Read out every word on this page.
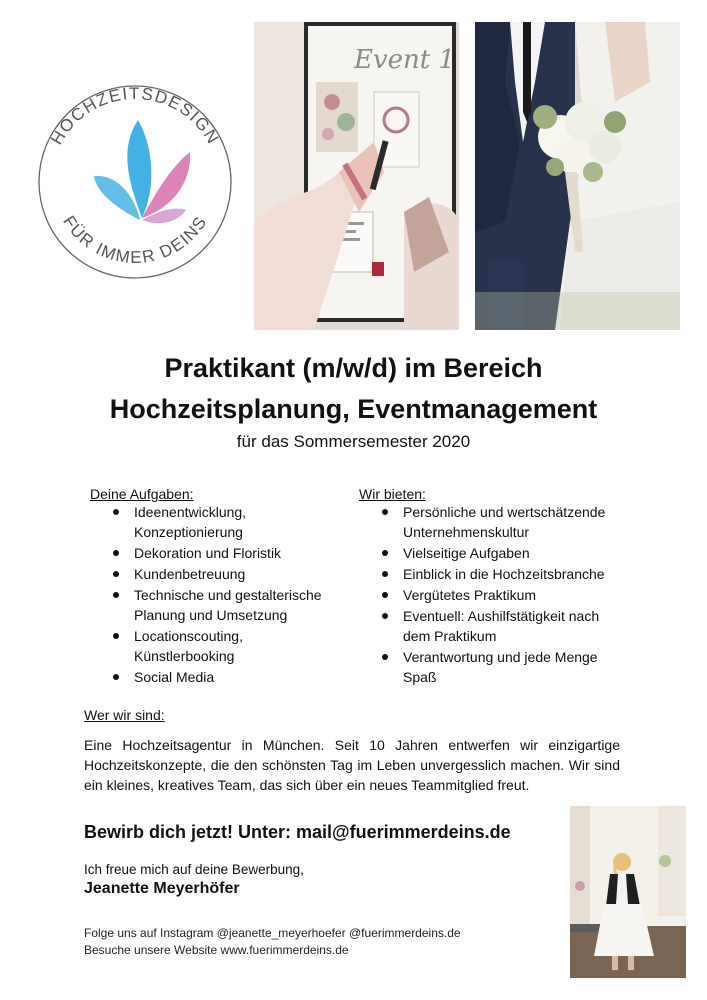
HOCHZEITSDESIGN
FÜR IMMER DEINS
Event 1
Praktikant (m/w/d) im Bereich
Hochzeitsplanung, Eventmanagement
für das Sommersemester 2020
Deine Aufgaben:
Ideenentwicklung, Konzeptionierung
Dekoration und Floristik
Kundenbetreuung
Technische und gestalterische Planung und Umsetzung
Locationscouting, Künstlerbooking
Social Media
Wir bieten:
Persönliche und wertschätzende Unternehmenskultur
Vielseitige Aufgaben
Einblick in die Hochzeitsbranche
Vergütetes Praktikum
Eventuell: Aushilfstätigkeit nach dem Praktikum
Verantwortung und jede Menge Spaß
Wer wir sind:
Eine Hochzeitsagentur in München. Seit 10 Jahren entwerfen wir einzigartige Hochzeitskonzepte, die den schönsten Tag im Leben unvergesslich machen. Wir sind ein kleines, kreatives Team, das sich über ein neues Teammitglied freut.
Bewirb dich jetzt! Unter: mail@fuerimmerdeins.de
Ich freue mich auf deine Bewerbung,
Jeanette Meyerhöfer
Folge uns auf Instagram @jeanette_meyerhoefer @fuerimmerdeins.de
Besuche unsere Website www.fuerimmerdeins.de
